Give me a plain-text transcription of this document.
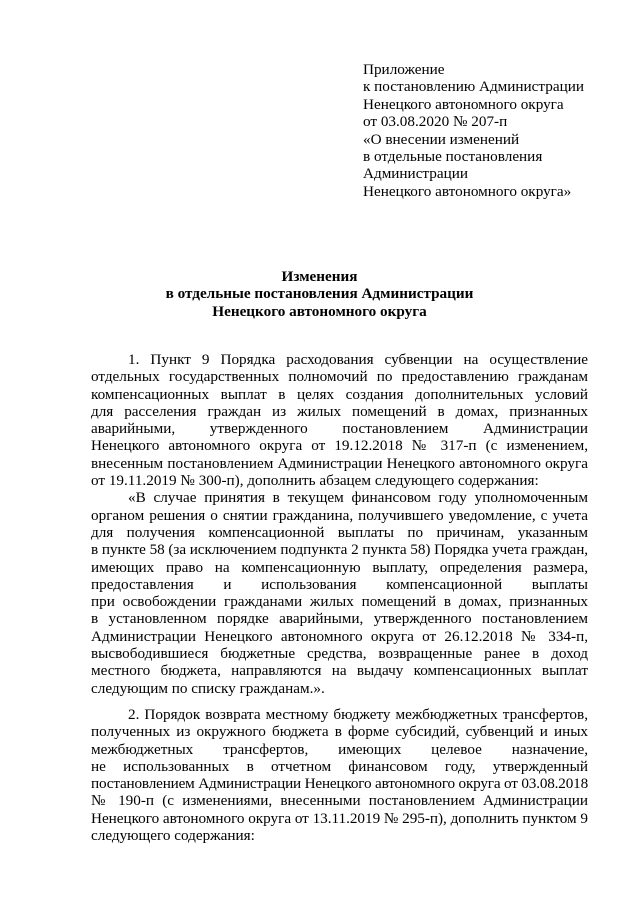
Приложение
к постановлению Администрации
Ненецкого автономного округа
от 03.08.2020 № 207-п
«О внесении изменений
в отдельные постановления
Администрации
Ненецкого автономного округа»
Изменения
в отдельные постановления Администрации
Ненецкого автономного округа
1. Пункт 9 Порядка расходования субвенции на осуществление
отдельных государственных полномочий по предоставлению гражданам
компенсационных выплат в целях создания дополнительных условий
для расселения граждан из жилых помещений в домах, признанных
аварийными, утвержденного постановлением Администрации
Ненецкого автономного округа от 19.12.2018 № 317-п (с изменением,
внесенным постановлением Администрации Ненецкого автономного округа
от 19.11.2019 № 300-п), дополнить абзацем следующего содержания:
«В случае принятия в текущем финансовом году уполномоченным
органом решения о снятии гражданина, получившего уведомление, с учета
для получения компенсационной выплаты по причинам, указанным
в пункте 58 (за исключением подпункта 2 пункта 58) Порядка учета граждан,
имеющих право на компенсационную выплату, определения размера,
предоставления и использования компенсационной выплаты
при освобождении гражданами жилых помещений в домах, признанных
в установленном порядке аварийными, утвержденного постановлением
Администрации Ненецкого автономного округа от 26.12.2018 № 334-п,
высвободившиеся бюджетные средства, возвращенные ранее в доход
местного бюджета, направляются на выдачу компенсационных выплат
следующим по списку гражданам.».
2. Порядок возврата местному бюджету межбюджетных трансфертов,
полученных из окружного бюджета в форме субсидий, субвенций и иных
межбюджетных трансфертов, имеющих целевое назначение,
не использованных в отчетном финансовом году, утвержденный
постановлением Администрации Ненецкого автономного округа от 03.08.2018
№ 190-п (с изменениями, внесенными постановлением Администрации
Ненецкого автономного округа от 13.11.2019 № 295-п), дополнить пунктом 9
следующего содержания:
